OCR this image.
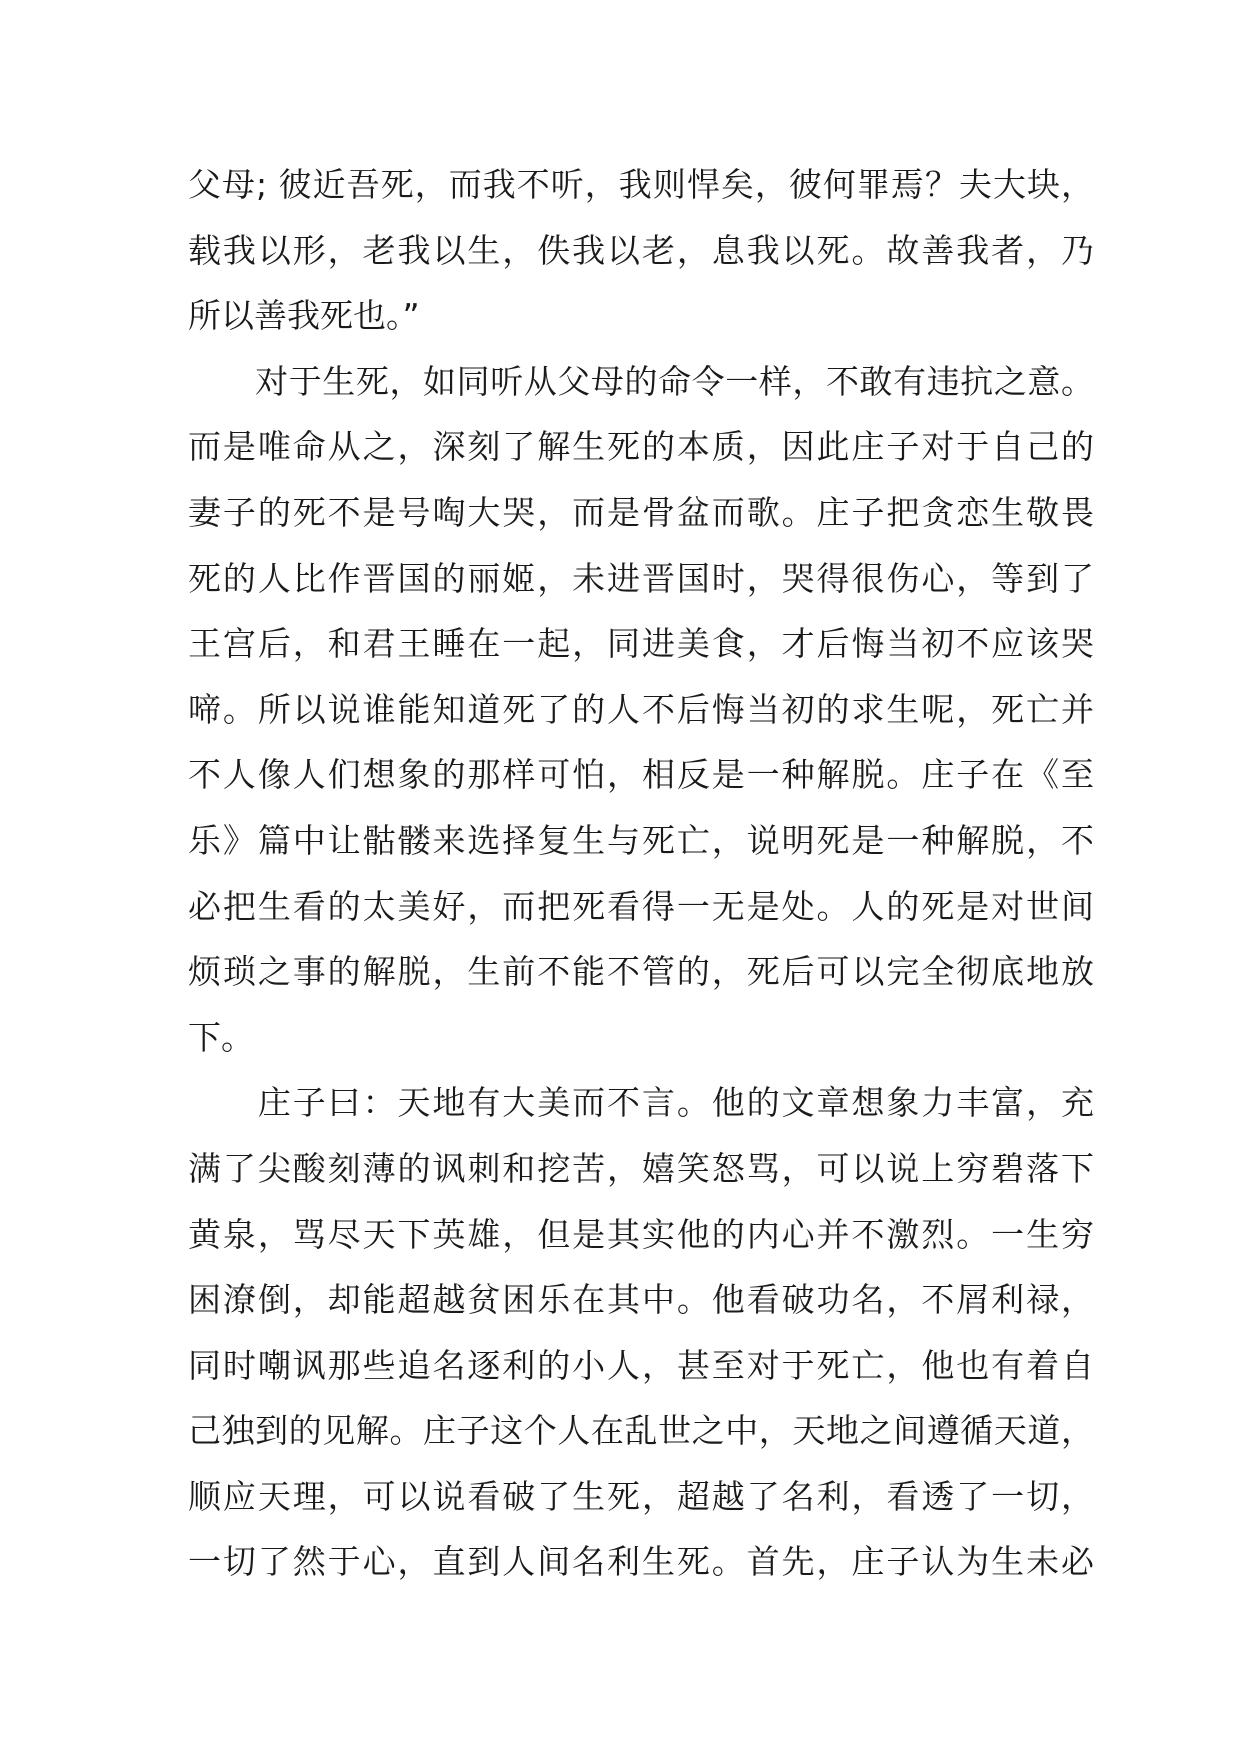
父母; 彼近吾死，而我不听，我则悍矣，彼何罪焉？夫大块，
载我以形，老我以生，佚我以老，息我以死。故善我者，乃
所以善我死也。”
　　对于生死，如同听从父母的命令一样，不敢有违抗之意。
而是唯命从之，深刻了解生死的本质，因此庄子对于自己的
妻子的死不是号啕大哭，而是骨盆而歌。庄子把贪恋生敬畏
死的人比作晋国的丽姬，未进晋国时，哭得很伤心，等到了
王宫后，和君王睡在一起，同进美食，才后悔当初不应该哭
啼。所以说谁能知道死了的人不后悔当初的求生呢，死亡并
不人像人们想象的那样可怕，相反是一种解脱。庄子在《至
乐》篇中让骷髅来选择复生与死亡，说明死是一种解脱，不
必把生看的太美好，而把死看得一无是处。人的死是对世间
烦琐之事的解脱，生前不能不管的，死后可以完全彻底地放
下。
　　庄子曰：天地有大美而不言。他的文章想象力丰富，充
满了尖酸刻薄的讽刺和挖苦，嬉笑怒骂，可以说上穷碧落下
黄泉，骂尽天下英雄，但是其实他的内心并不激烈。一生穷
困潦倒，却能超越贫困乐在其中。他看破功名，不屑利禄，
同时嘲讽那些追名逐利的小人，甚至对于死亡，他也有着自
己独到的见解。庄子这个人在乱世之中，天地之间遵循天道，
顺应天理，可以说看破了生死，超越了名利，看透了一切，
一切了然于心，直到人间名利生死。首先，庄子认为生未必
